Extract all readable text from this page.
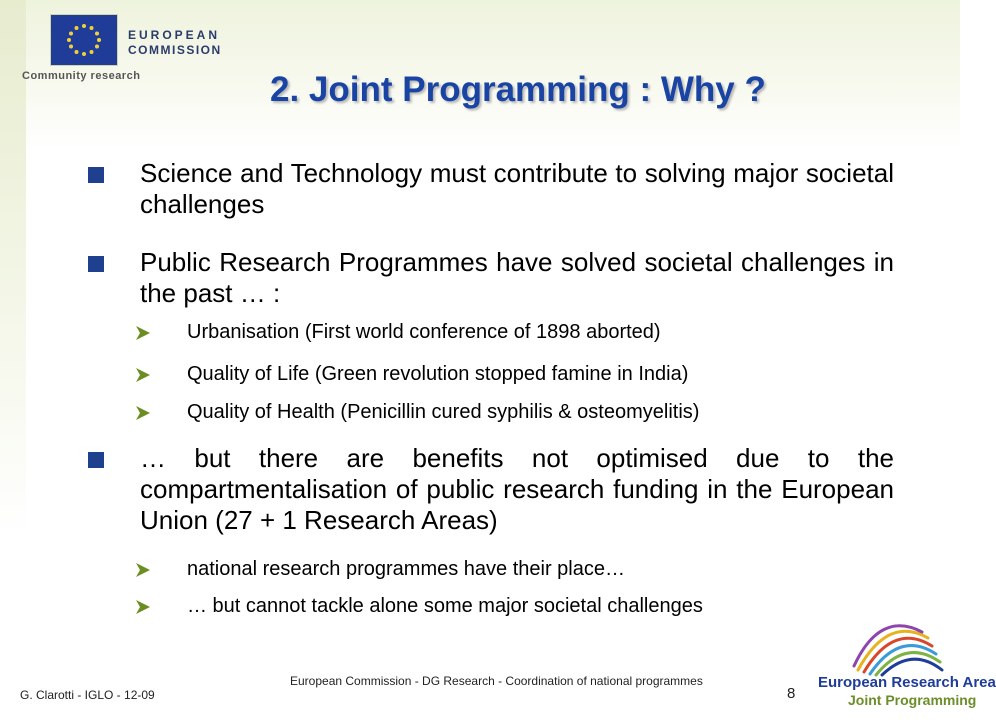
EUROPEAN
COMMISSION
Community research	2. Joint Programming : Why ?
Science and Technology must contribute to solving major societal challenges
Public Research Programmes have solved societal challenges in the past … :
Urbanisation (First world conference of 1898 aborted)
Quality of Life (Green revolution stopped famine in India)
Quality of Health (Penicillin cured syphilis & osteomyelitis)
… but there are benefits not optimised due to the compartmentalisation of public research funding in the European Union (27 + 1 Research Areas)
national research programmes have their place…
… but cannot tackle alone some major societal challenges
G. Clarotti - IGLO - 12-09
European Commission - DG Research - Coordination of national programmes
8
European Research Area
Joint Programming
